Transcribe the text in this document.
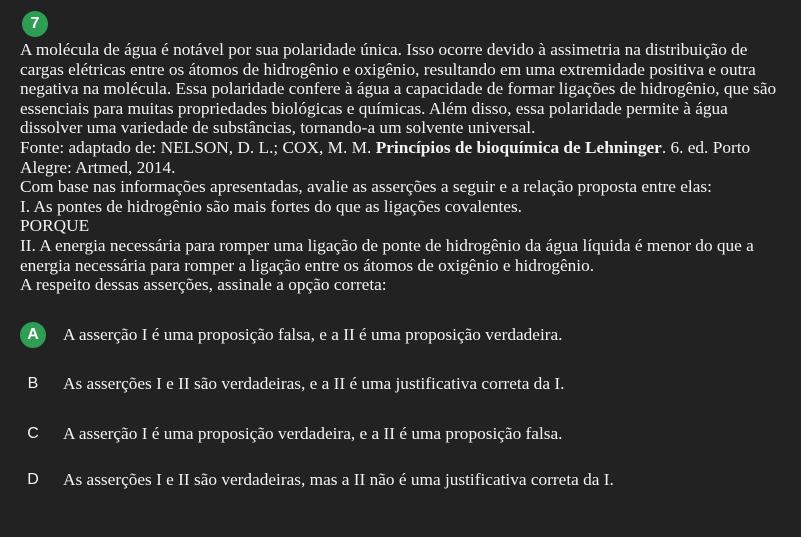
7

A molécula de água é notável por sua polaridade única. Isso ocorre devido à assimetria na distribuição de cargas elétricas entre os átomos de hidrogênio e oxigênio, resultando em uma extremidade positiva e outra negativa na molécula. Essa polaridade confere à água a capacidade de formar ligações de hidrogênio, que são essenciais para muitas propriedades biológicas e químicas. Além disso, essa polaridade permite à água dissolver uma variedade de substâncias, tornando-a um solvente universal.

Fonte: adaptado de: NELSON, D. L.; COX, M. M. Princípios de bioquímica de Lehninger. 6. ed. Porto Alegre: Artmed, 2014.

Com base nas informações apresentadas, avalie as asserções a seguir e a relação proposta entre elas:

I. As pontes de hidrogênio são mais fortes do que as ligações covalentes.

PORQUE

II. A energia necessária para romper uma ligação de ponte de hidrogênio da água líquida é menor do que a energia necessária para romper a ligação entre os átomos de oxigênio e hidrogênio.

A respeito dessas asserções, assinale a opção correta:

A	A asserção I é uma proposição falsa, e a II é uma proposição verdadeira.
B	As asserções I e II são verdadeiras, e a II é uma justificativa correta da I.
C	A asserção I é uma proposição verdadeira, e a II é uma proposição falsa.
D	As asserções I e II são verdadeiras, mas a II não é uma justificativa correta da I.
